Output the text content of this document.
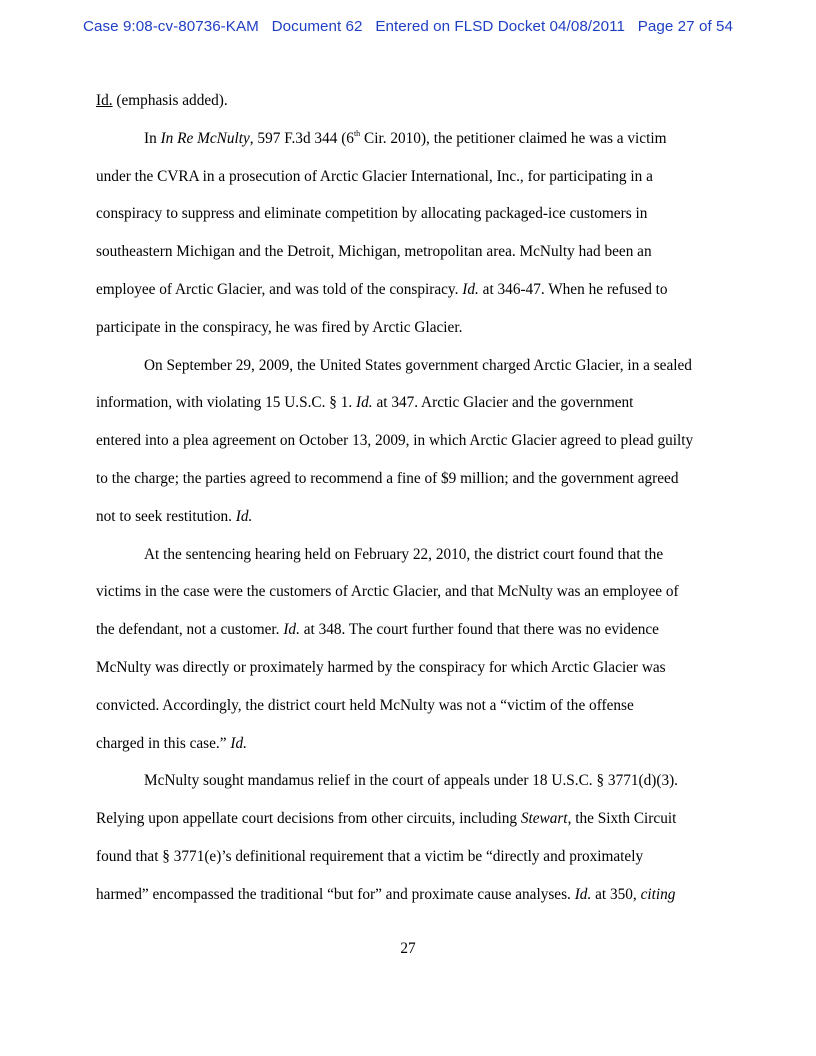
Case 9:08-cv-80736-KAM   Document 62   Entered on FLSD Docket 04/08/2011   Page 27 of 54
Id. (emphasis added).
In In Re McNulty, 597 F.3d 344 (6th Cir. 2010), the petitioner claimed he was a victim
under the CVRA in a prosecution of Arctic Glacier International, Inc., for participating in a
conspiracy to suppress and eliminate competition by allocating packaged-ice customers in
southeastern Michigan and the Detroit, Michigan, metropolitan area. McNulty had been an
employee of Arctic Glacier, and was told of the conspiracy. Id. at 346-47. When he refused to
participate in the conspiracy, he was fired by Arctic Glacier.
On September 29, 2009, the United States government charged Arctic Glacier, in a sealed
information, with violating 15 U.S.C. § 1. Id. at 347. Arctic Glacier and the government
entered into a plea agreement on October 13, 2009, in which Arctic Glacier agreed to plead guilty
to the charge; the parties agreed to recommend a fine of $9 million; and the government agreed
not to seek restitution. Id.
At the sentencing hearing held on February 22, 2010, the district court found that the
victims in the case were the customers of Arctic Glacier, and that McNulty was an employee of
the defendant, not a customer. Id. at 348. The court further found that there was no evidence
McNulty was directly or proximately harmed by the conspiracy for which Arctic Glacier was
convicted. Accordingly, the district court held McNulty was not a “victim of the offense
charged in this case.” Id.
McNulty sought mandamus relief in the court of appeals under 18 U.S.C. § 3771(d)(3).
Relying upon appellate court decisions from other circuits, including Stewart, the Sixth Circuit
found that § 3771(e)’s definitional requirement that a victim be “directly and proximately
harmed” encompassed the traditional “but for” and proximate cause analyses. Id. at 350, citing
27
